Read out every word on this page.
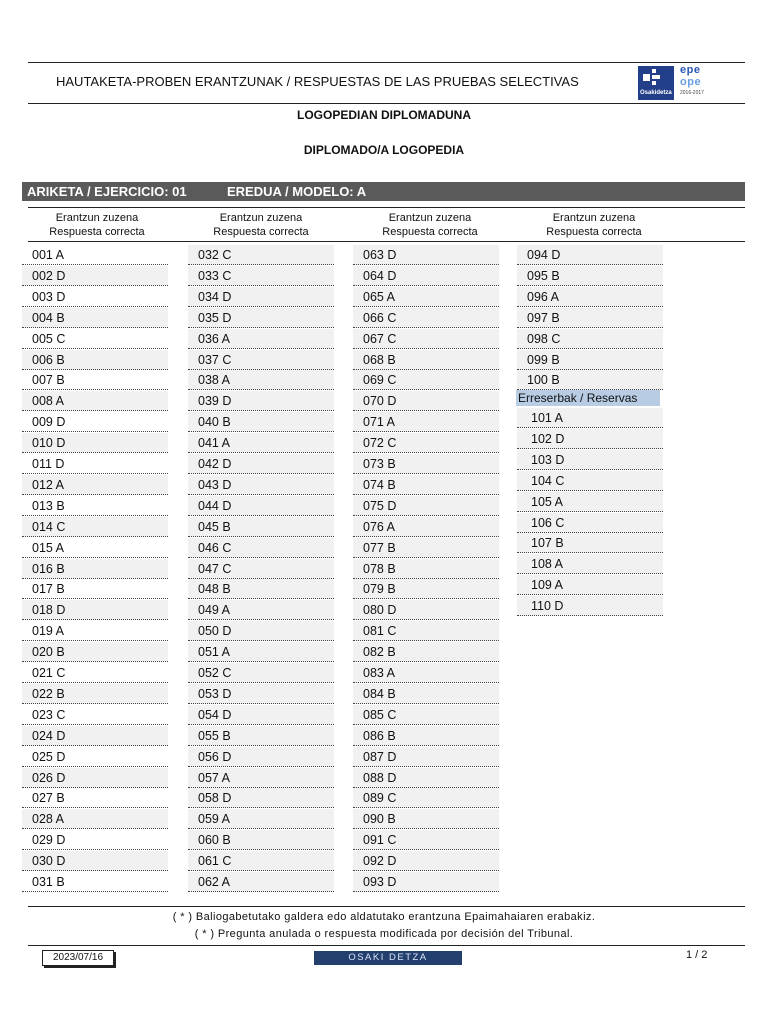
HAUTAKETA-PROBEN ERANTZUNAK / RESPUESTAS DE LAS PRUEBAS SELECTIVAS
Osakidetza
epe
ope
2016-2017
LOGOPEDIAN DIPLOMADUNA
DIPLOMADO/A LOGOPEDIA
ARIKETA / EJERCICIO: 01	EREDUA / MODELO: A
Erantzun zuzena
Respuesta correcta
Erantzun zuzena
Respuesta correcta
Erantzun zuzena
Respuesta correcta
Erantzun zuzena
Respuesta correcta
001 A
002 D
003 D
004 B
005 C
006 B
007 B
008 A
009 D
010 D
011 D
012 A
013 B
014 C
015 A
016 B
017 B
018 D
019 A
020 B
021 C
022 B
023 C
024 D
025 D
026 D
027 B
028 A
029 D
030 D
031 B
032 C
033 C
034 D
035 D
036 A
037 C
038 A
039 D
040 B
041 A
042 D
043 D
044 D
045 B
046 C
047 C
048 B
049 A
050 D
051 A
052 C
053 D
054 D
055 B
056 D
057 A
058 D
059 A
060 B
061 C
062 A
063 D
064 D
065 A
066 C
067 C
068 B
069 C
070 D
071 A
072 C
073 B
074 B
075 D
076 A
077 B
078 B
079 B
080 D
081 C
082 B
083 A
084 B
085 C
086 B
087 D
088 D
089 C
090 B
091 C
092 D
093 D
094 D
095 B
096 A
097 B
098 C
099 B
100 B
101 A
102 D
103 D
104 C
105 A
106 C
107 B
108 A
109 A
110 D
Erreserbak / Reservas
( * ) Baliogabetutako galdera edo aldatutako erantzuna Epaimahaiaren erabakiz.
( * ) Pregunta anulada o respuesta modificada por decisión del Tribunal.
2023/07/16	OSAKI DETZA	1 / 2
